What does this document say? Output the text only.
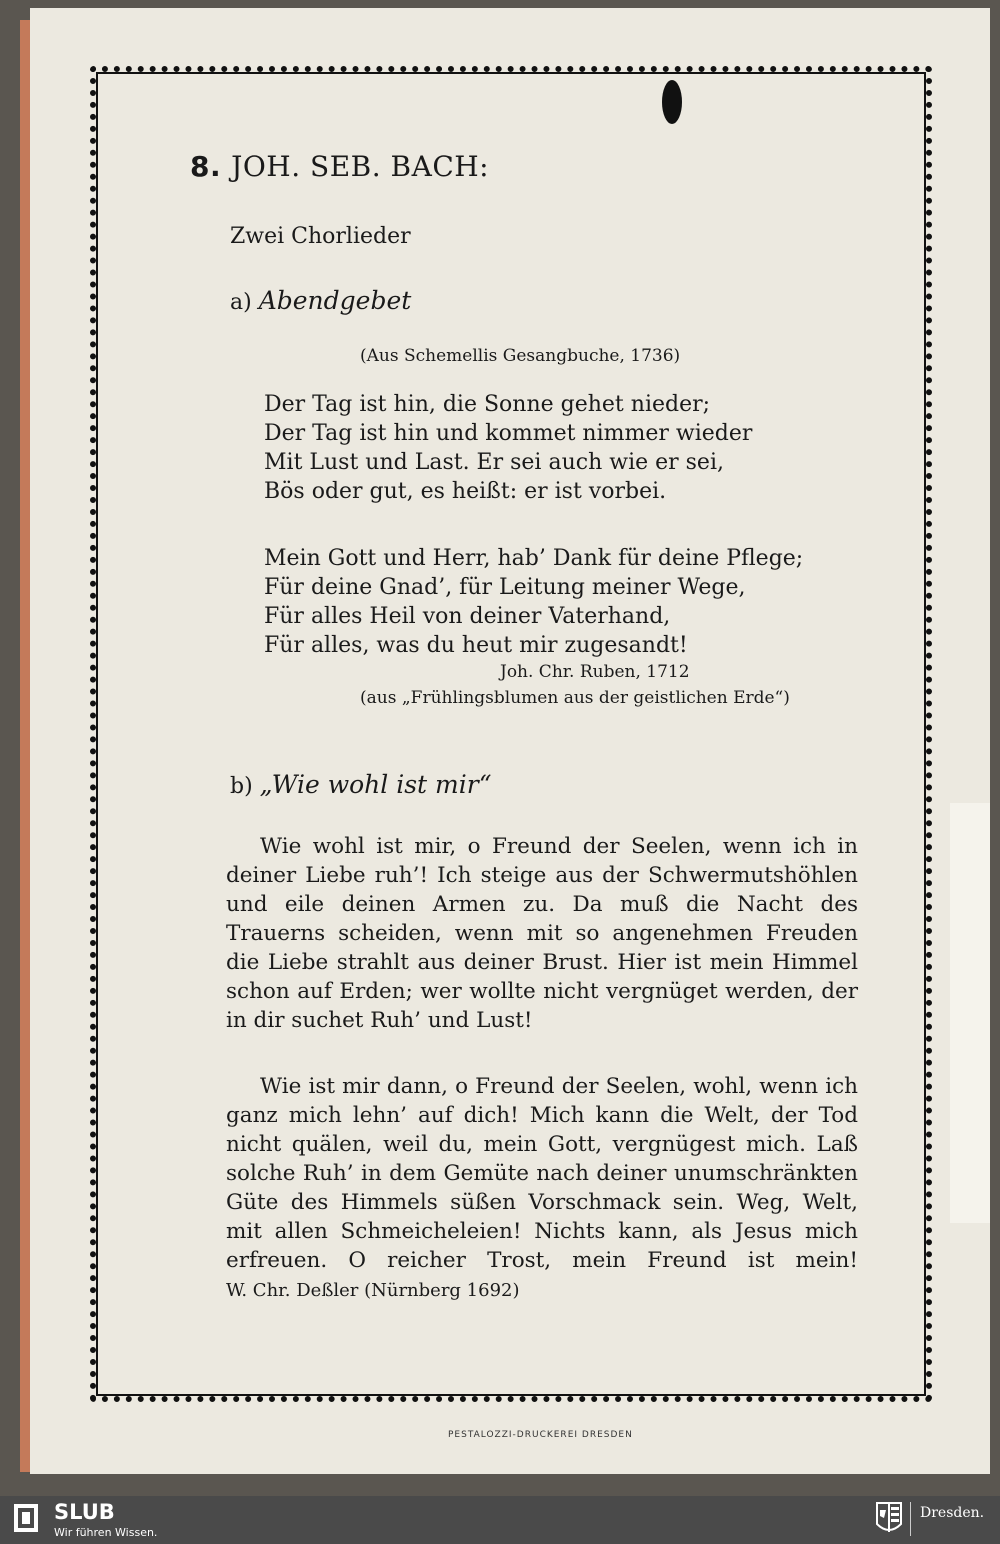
8. JOH. SEB. BACH:
Zwei Chorlieder
a) Abendgebet
(Aus Schemellis Gesangbuche, 1736)
Der Tag ist hin, die Sonne gehet nieder;
Der Tag ist hin und kommet nimmer wieder
Mit Lust und Last. Er sei auch wie er sei,
Bös oder gut, es heißt: er ist vorbei.
Mein Gott und Herr, hab’ Dank für deine Pflege;
Für deine Gnad’, für Leitung meiner Wege,
Für alles Heil von deiner Vaterhand,
Für alles, was du heut mir zugesandt!
Joh. Chr. Ruben, 1712
(aus „Frühlingsblumen aus der geistlichen Erde“)
b) „Wie wohl ist mir“
Wie wohl ist mir, o Freund der Seelen, wenn ich in deiner Liebe ruh’! Ich steige aus der Schwermutshöhlen und eile deinen Armen zu. Da muß die Nacht des Trauerns scheiden, wenn mit so angenehmen Freuden die Liebe strahlt aus deiner Brust. Hier ist mein Himmel schon auf Erden; wer wollte nicht vergnüget werden, der in dir suchet Ruh’ und Lust!
Wie ist mir dann, o Freund der Seelen, wohl, wenn ich ganz mich lehn’ auf dich! Mich kann die Welt, der Tod nicht quälen, weil du, mein Gott, vergnügest mich. Laß solche Ruh’ in dem Gemüte nach deiner unumschränkten Güte des Himmels süßen Vorschmack sein. Weg, Welt, mit allen Schmeicheleien! Nichts kann, als Jesus mich erfreuen. O reicher Trost, mein Freund ist mein! W. Chr. Deßler (Nürnberg 1692)
PESTALOZZI-DRUCKEREI DRESDEN
SLUB
Wir führen Wissen.
Dresden.
